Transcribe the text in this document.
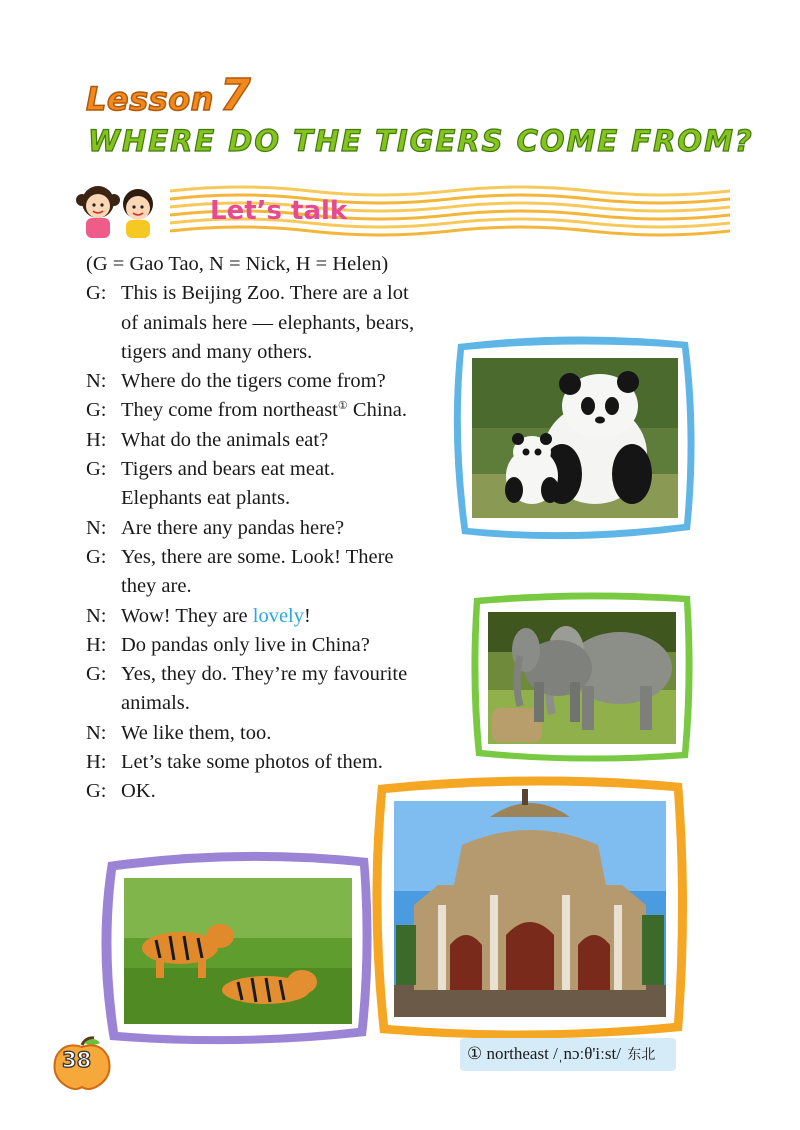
Lesson 7
WHERE DO THE TIGERS COME FROM?
Let’s talk
(G = Gao Tao, N = Nick, H = Helen)
G: This is Beijing Zoo. There are a lot
of animals here — elephants, bears,
tigers and many others.
N: Where do the tigers come from?
G: They come from northeast① China.
H: What do the animals eat?
G: Tigers and bears eat meat.
Elephants eat plants.
N: Are there any pandas here?
G: Yes, there are some. Look! There
they are.
N: Wow! They are lovely!
H: Do pandas only live in China?
G: Yes, they do. They’re my favourite
animals.
N: We like them, too.
H: Let’s take some photos of them.
G: OK.
① northeast /ˌnɔːθ'iːst/ 东北
38
